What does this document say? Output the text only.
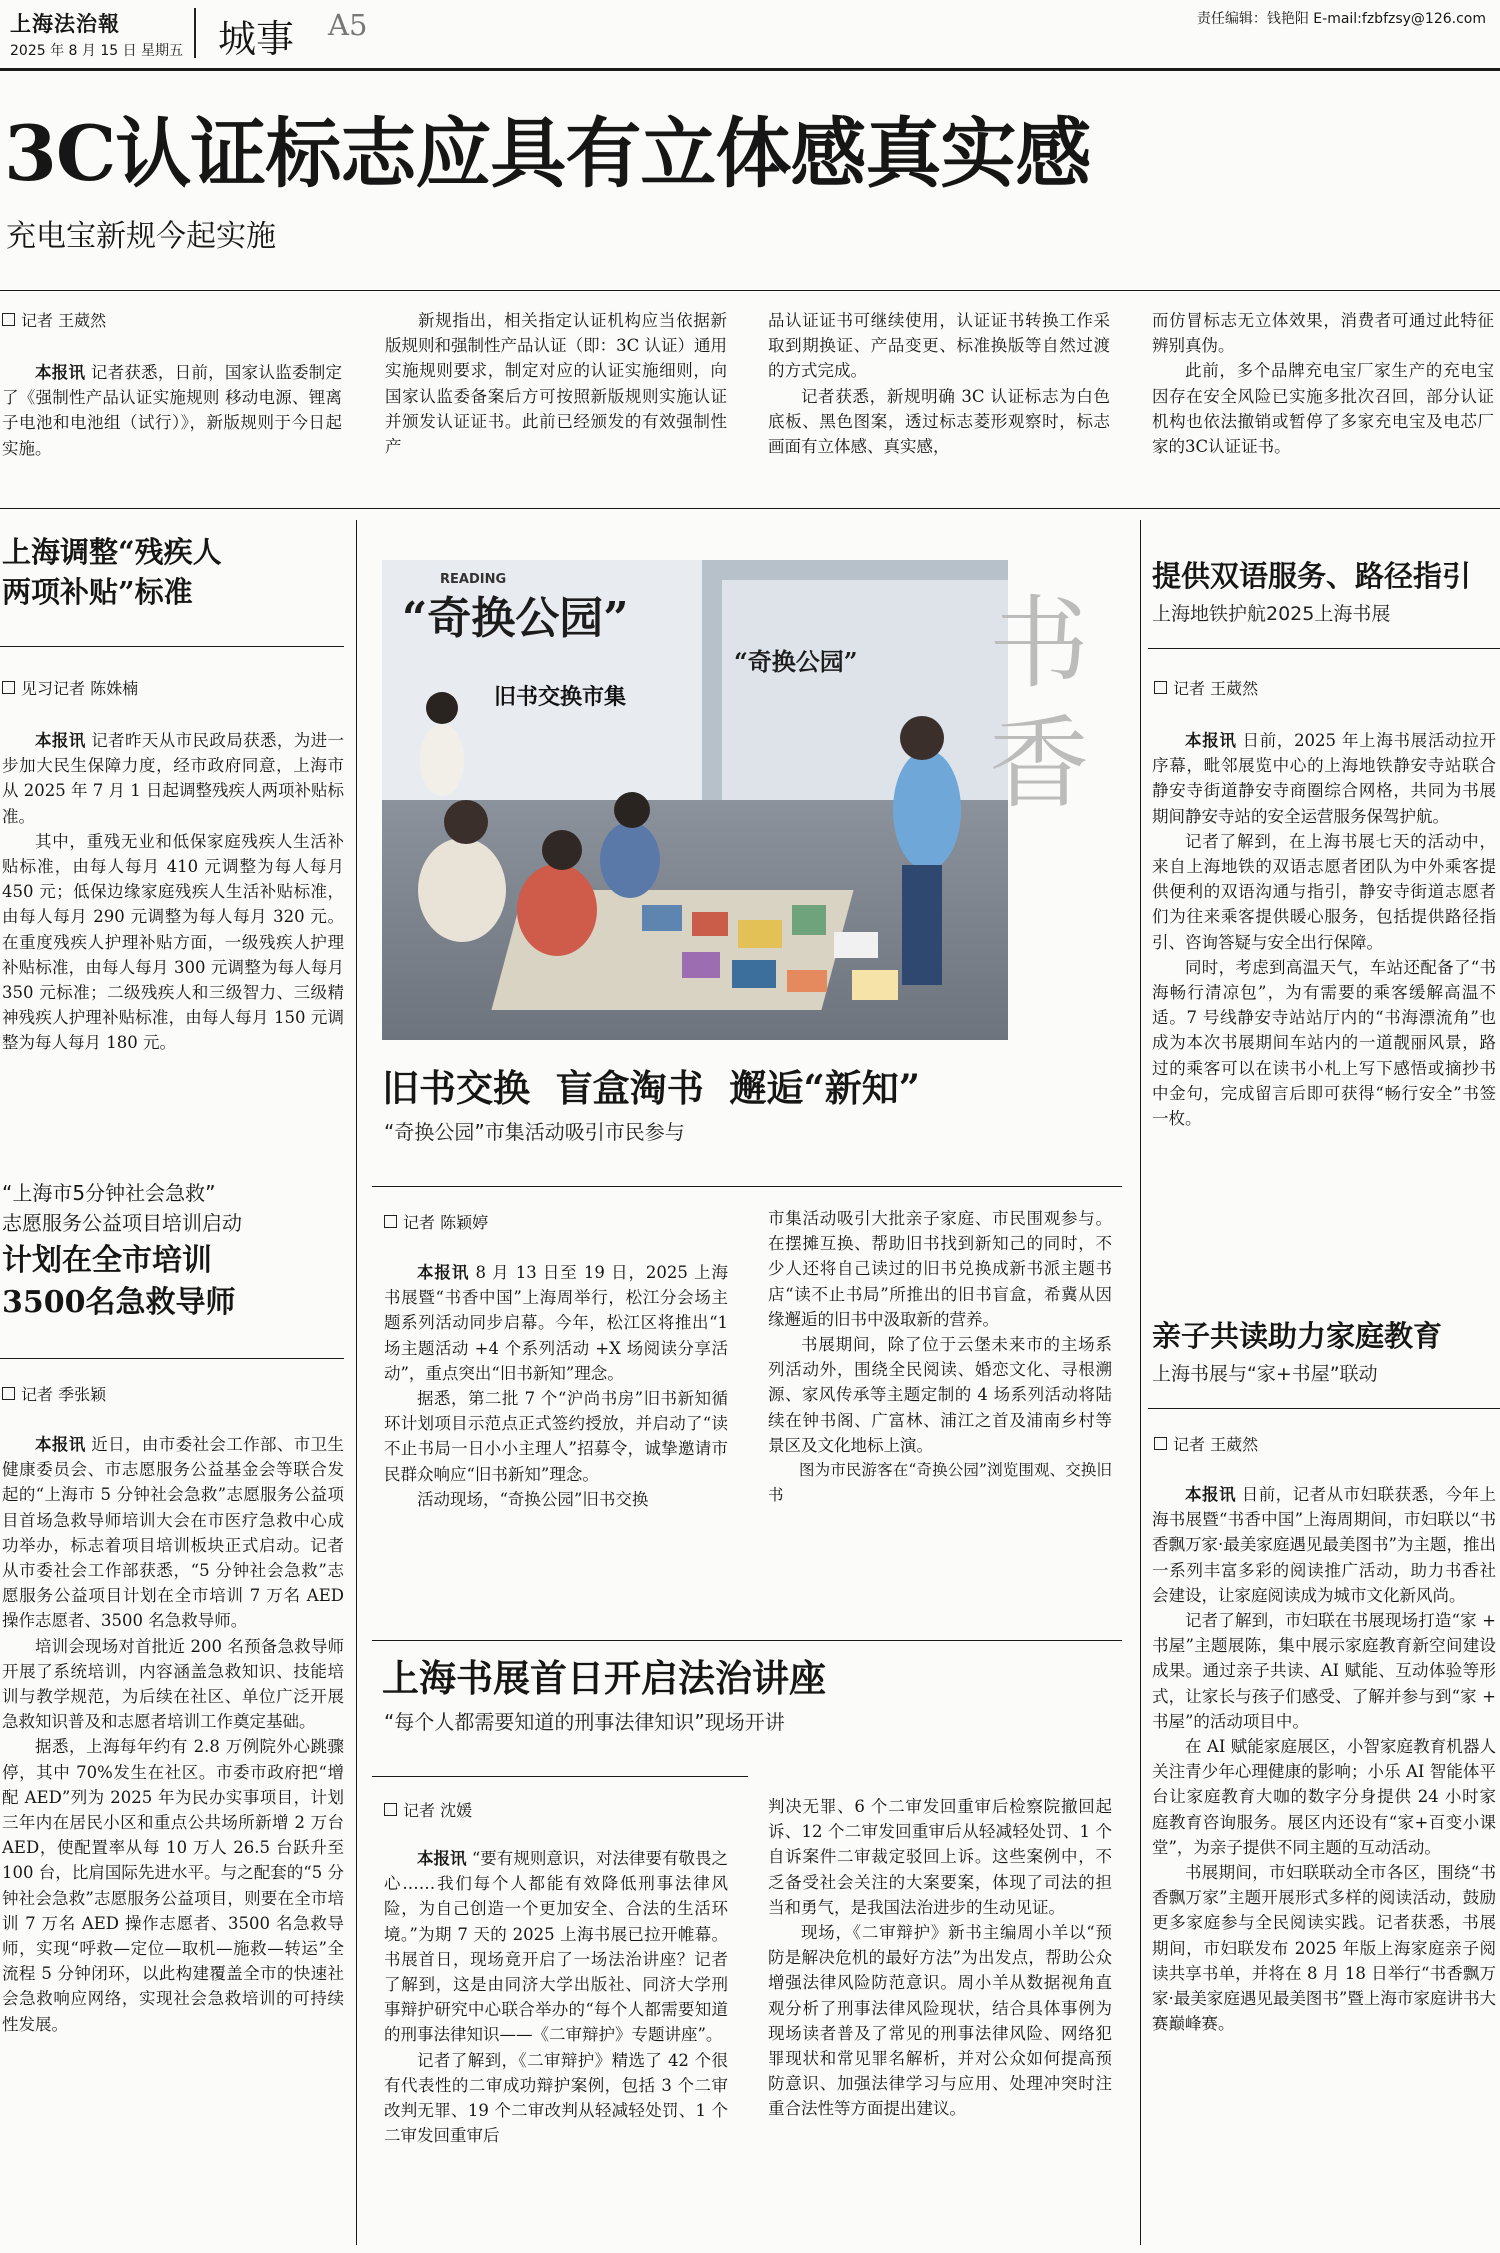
上海法治報
2025 年 8 月 15 日 星期五 城事 A5	责任编辑：钱艳阳 E-mail:fzbfzsy@126.com
3C认证标志应具有立体感真实感
充电宝新规今起实施
记者 王葳然

本报讯 记者获悉，日前，国家认监委制定了《强制性产品认证实施规则 移动电源、锂离子电池和电池组（试行）》，新版规则于今日起实施。

新规指出，相关指定认证机构应当依据新版规则和强制性产品认证（即：3C 认证）通用实施规则要求，制定对应的认证实施细则，向国家认监委备案后方可按照新版规则实施认证并颁发认证证书。此前已经颁发的有效强制性产

品认证证书可继续使用，认证证书转换工作采取到期换证、产品变更、标准换版等自然过渡的方式完成。

记者获悉，新规明确 3C 认证标志为白色底板、黑色图案，透过标志菱形观察时，标志画面有立体感、真实感，

而仿冒标志无立体效果，消费者可通过此特征辨别真伪。

此前，多个品牌充电宝厂家生产的充电宝因存在安全风险已实施多批次召回，部分认证机构也依法撤销或暂停了多家充电宝及电芯厂家的3C认证证书。

上海调整“残疾人
两项补贴”标准
见习记者 陈姝楠

本报讯 记者昨天从市民政局获悉，为进一步加大民生保障力度，经市政府同意，上海市从 2025 年 7 月 1 日起调整残疾人两项补贴标准。

其中，重残无业和低保家庭残疾人生活补贴标准，由每人每月 410 元调整为每人每月 450 元；低保边缘家庭残疾人生活补贴标准，由每人每月 290 元调整为每人每月 320 元。在重度残疾人护理补贴方面，一级残疾人护理补贴标准，由每人每月 300 元调整为每人每月 350 元标准；二级残疾人和三级智力、三级精神残疾人护理补贴标准，由每人每月 150 元调整为每人每月 180 元。

“上海市5分钟社会急救”
志愿服务公益项目培训启动
计划在全市培训
3500名急救导师
记者 季张颖

本报讯 近日，由市委社会工作部、市卫生健康委员会、市志愿服务公益基金会等联合发起的“上海市 5 分钟社会急救”志愿服务公益项目首场急救导师培训大会在市医疗急救中心成功举办，标志着项目培训板块正式启动。记者从市委社会工作部获悉，“5 分钟社会急救”志愿服务公益项目计划在全市培训 7 万名 AED 操作志愿者、3500 名急救导师。

培训会现场对首批近 200 名预备急救导师开展了系统培训，内容涵盖急救知识、技能培训与教学规范，为后续在社区、单位广泛开展急救知识普及和志愿者培训工作奠定基础。

据悉，上海每年约有 2.8 万例院外心跳骤停，其中 70%发生在社区。市委市政府把“增配 AED”列为 2025 年为民办实事项目，计划三年内在居民小区和重点公共场所新增 2 万台 AED，使配置率从每 10 万人 26.5 台跃升至 100 台，比肩国际先进水平。与之配套的“5 分钟社会急救”志愿服务公益项目，则要在全市培训 7 万名 AED 操作志愿者、3500 名急救导师，实现“呼救—定位—取机—施救—转运”全流程 5 分钟闭环，以此构建覆盖全市的快速社会急救响应网络，实现社会急救培训的可持续性发展。

READING
“奇换公园”
旧书交换市集
“奇换公园” 书香
旧书交换  盲盒淘书  邂逅“新知”
“奇换公园”市集活动吸引市民参与
记者 陈颖婷

本报讯 8 月 13 日至 19 日，2025 上海书展暨“书香中国”上海周举行，松江分会场主题系列活动同步启幕。今年，松江区将推出“1 场主题活动 +4 个系列活动 +X 场阅读分享活动”，重点突出“旧书新知”理念。

据悉，第二批 7 个“沪尚书房”旧书新知循环计划项目示范点正式签约授放，并启动了“读不止书局一日小小主理人”招募令，诚挚邀请市民群众响应“旧书新知”理念。

活动现场，“奇换公园”旧书交换

市集活动吸引大批亲子家庭、市民围观参与。在摆摊互换、帮助旧书找到新知己的同时，不少人还将自己读过的旧书兑换成新书派主题书店“读不止书局”所推出的旧书盲盒，希冀从因缘邂逅的旧书中汲取新的营养。

书展期间，除了位于云堡未来市的主场系列活动外，围绕全民阅读、婚恋文化、寻根溯源、家风传承等主题定制的 4 场系列活动将陆续在钟书阁、广富林、浦江之首及浦南乡村等景区及文化地标上演。

图为市民游客在“奇换公园”浏览围观、交换旧书

上海书展首日开启法治讲座
“每个人都需要知道的刑事法律知识”现场开讲
记者 沈媛

本报讯 “要有规则意识，对法律要有敬畏之心……我们每个人都能有效降低刑事法律风险，为自己创造一个更加安全、合法的生活环境。”为期 7 天的 2025 上海书展已拉开帷幕。书展首日，现场竟开启了一场法治讲座？记者了解到，这是由同济大学出版社、同济大学刑事辩护研究中心联合举办的“每个人都需要知道的刑事法律知识——《二审辩护》专题讲座”。

记者了解到，《二审辩护》精选了 42 个很有代表性的二审成功辩护案例，包括 3 个二审改判无罪、19 个二审改判从轻减轻处罚、1 个二审发回重审后

判决无罪、6 个二审发回重审后检察院撤回起诉、12 个二审发回重审后从轻减轻处罚、1 个自诉案件二审裁定驳回上诉。这些案例中，不乏备受社会关注的大案要案，体现了司法的担当和勇气，是我国法治进步的生动见证。

现场，《二审辩护》新书主编周小羊以“预防是解决危机的最好方法”为出发点，帮助公众增强法律风险防范意识。周小羊从数据视角直观分析了刑事法律风险现状，结合具体事例为现场读者普及了常见的刑事法律风险、网络犯罪现状和常见罪名解析，并对公众如何提高预防意识、加强法律学习与应用、处理冲突时注重合法性等方面提出建议。

提供双语服务、路径指引
上海地铁护航2025上海书展
记者 王葳然

本报讯 日前，2025 年上海书展活动拉开序幕，毗邻展览中心的上海地铁静安寺站联合静安寺街道静安寺商圈综合网格，共同为书展期间静安寺站的安全运营服务保驾护航。

记者了解到，在上海书展七天的活动中，来自上海地铁的双语志愿者团队为中外乘客提供便利的双语沟通与指引，静安寺街道志愿者们为往来乘客提供暖心服务，包括提供路径指引、咨询答疑与安全出行保障。

同时，考虑到高温天气，车站还配备了“书海畅行清凉包”，为有需要的乘客缓解高温不适。7 号线静安寺站站厅内的“书海漂流角”也成为本次书展期间车站内的一道靓丽风景，路过的乘客可以在读书小札上写下感悟或摘抄书中金句，完成留言后即可获得“畅行安全”书签一枚。

亲子共读助力家庭教育
上海书展与“家+书屋”联动
记者 王葳然

本报讯 日前，记者从市妇联获悉，今年上海书展暨“书香中国”上海周期间，市妇联以“书香飘万家·最美家庭遇见最美图书”为主题，推出一系列丰富多彩的阅读推广活动，助力书香社会建设，让家庭阅读成为城市文化新风尚。

记者了解到，市妇联在书展现场打造“家 + 书屋”主题展陈，集中展示家庭教育新空间建设成果。通过亲子共读、AI 赋能、互动体验等形式，让家长与孩子们感受、了解并参与到“家 + 书屋”的活动项目中。

在 AI 赋能家庭展区，小智家庭教育机器人关注青少年心理健康的影响；小乐 AI 智能体平台让家庭教育大咖的数字分身提供 24 小时家庭教育咨询服务。展区内还设有“家+百变小课堂”，为亲子提供不同主题的互动活动。

书展期间，市妇联联动全市各区，围绕“书香飘万家”主题开展形式多样的阅读活动，鼓励更多家庭参与全民阅读实践。记者获悉，书展期间，市妇联发布 2025 年版上海家庭亲子阅读共享书单，并将在 8 月 18 日举行“书香飘万家·最美家庭遇见最美图书”暨上海市家庭讲书大赛巅峰赛。
